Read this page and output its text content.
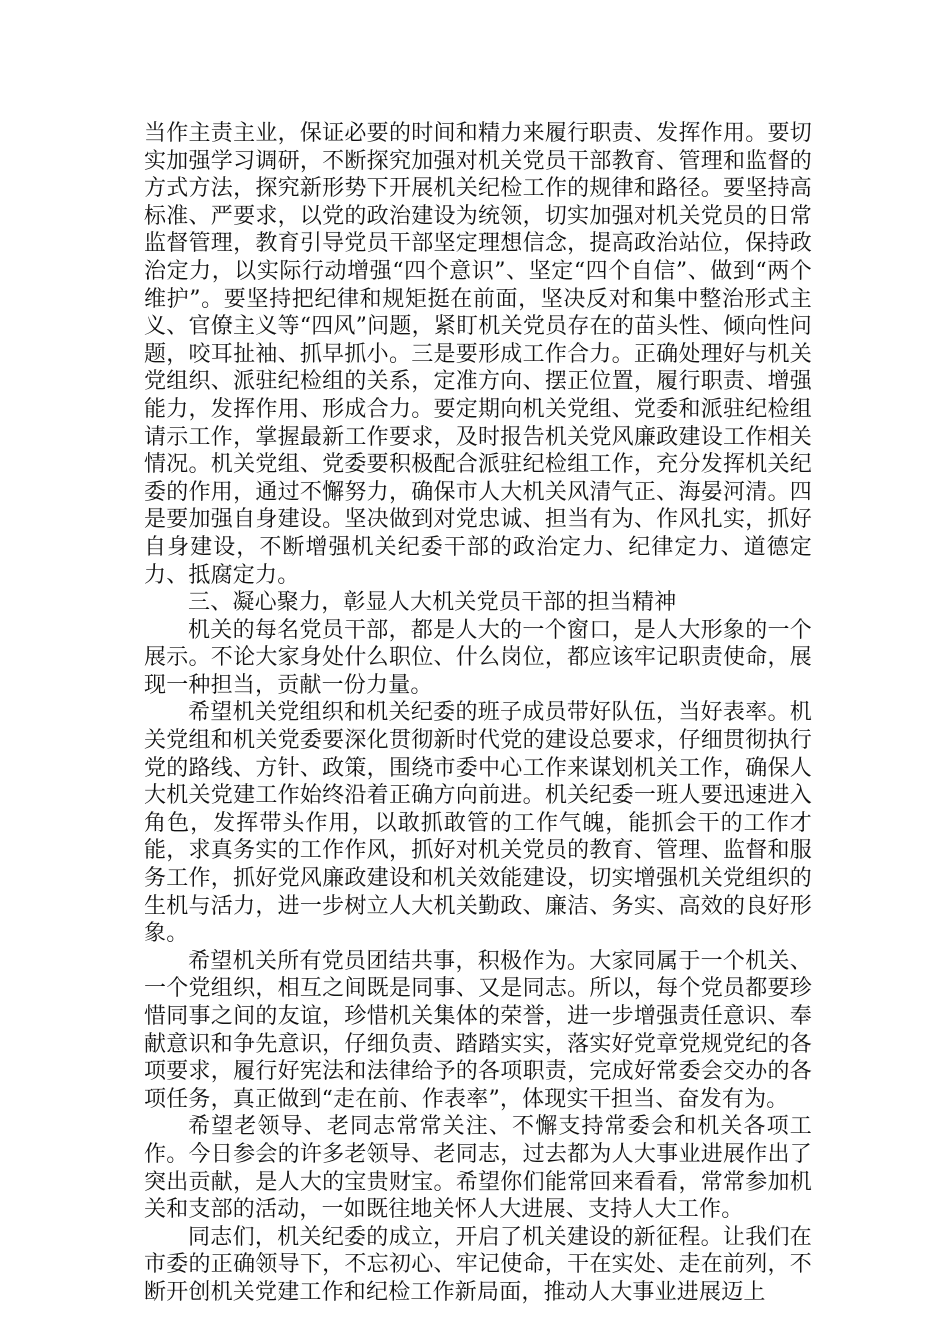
当作主责主业，保证必要的时间和精力来履行职责、发挥作用。要切实加强学习调研，不断探究加强对机关党员干部教育、管理和监督的方式方法，探究新形势下开展机关纪检工作的规律和路径。要坚持高标准、严要求，以党的政治建设为统领，切实加强对机关党员的日常监督管理，教育引导党员干部坚定理想信念，提高政治站位，保持政治定力，以实际行动增强“四个意识”、坚定“四个自信”、做到“两个维护”。要坚持把纪律和规矩挺在前面，坚决反对和集中整治形式主义、官僚主义等“四风”问题，紧盯机关党员存在的苗头性、倾向性问题，咬耳扯袖、抓早抓小。三是要形成工作合力。正确处理好与机关党组织、派驻纪检组的关系，定准方向、摆正位置，履行职责、增强能力，发挥作用、形成合力。要定期向机关党组、党委和派驻纪检组请示工作，掌握最新工作要求，及时报告机关党风廉政建设工作相关情况。机关党组、党委要积极配合派驻纪检组工作，充分发挥机关纪委的作用，通过不懈努力，确保市人大机关风清气正、海晏河清。四是要加强自身建设。坚决做到对党忠诚、担当有为、作风扎实，抓好自身建设，不断增强机关纪委干部的政治定力、纪律定力、道德定力、抵腐定力。

三、凝心聚力，彰显人大机关党员干部的担当精神

机关的每名党员干部，都是人大的一个窗口，是人大形象的一个展示。不论大家身处什么职位、什么岗位，都应该牢记职责使命，展现一种担当，贡献一份力量。

希望机关党组织和机关纪委的班子成员带好队伍，当好表率。机关党组和机关党委要深化贯彻新时代党的建设总要求，仔细贯彻执行党的路线、方针、政策，围绕市委中心工作来谋划机关工作，确保人大机关党建工作始终沿着正确方向前进。机关纪委一班人要迅速进入角色，发挥带头作用，以敢抓敢管的工作气魄，能抓会干的工作才能，求真务实的工作作风，抓好对机关党员的教育、管理、监督和服务工作，抓好党风廉政建设和机关效能建设，切实增强机关党组织的生机与活力，进一步树立人大机关勤政、廉洁、务实、高效的良好形象。

希望机关所有党员团结共事，积极作为。大家同属于一个机关、一个党组织，相互之间既是同事、又是同志。所以，每个党员都要珍惜同事之间的友谊，珍惜机关集体的荣誉，进一步增强责任意识、奉献意识和争先意识，仔细负责、踏踏实实，落实好党章党规党纪的各项要求，履行好宪法和法律给予的各项职责，完成好常委会交办的各项任务，真正做到“走在前、作表率”，体现实干担当、奋发有为。

希望老领导、老同志常常关注、不懈支持常委会和机关各项工作。今日参会的许多老领导、老同志，过去都为人大事业进展作出了突出贡献，是人大的宝贵财宝。希望你们能常回来看看，常常参加机关和支部的活动，一如既往地关怀人大进展、支持人大工作。

同志们，机关纪委的成立，开启了机关建设的新征程。让我们在市委的正确领导下，不忘初心、牢记使命，干在实处、走在前列，不断开创机关党建工作和纪检工作新局面，推动人大事业进展迈上
